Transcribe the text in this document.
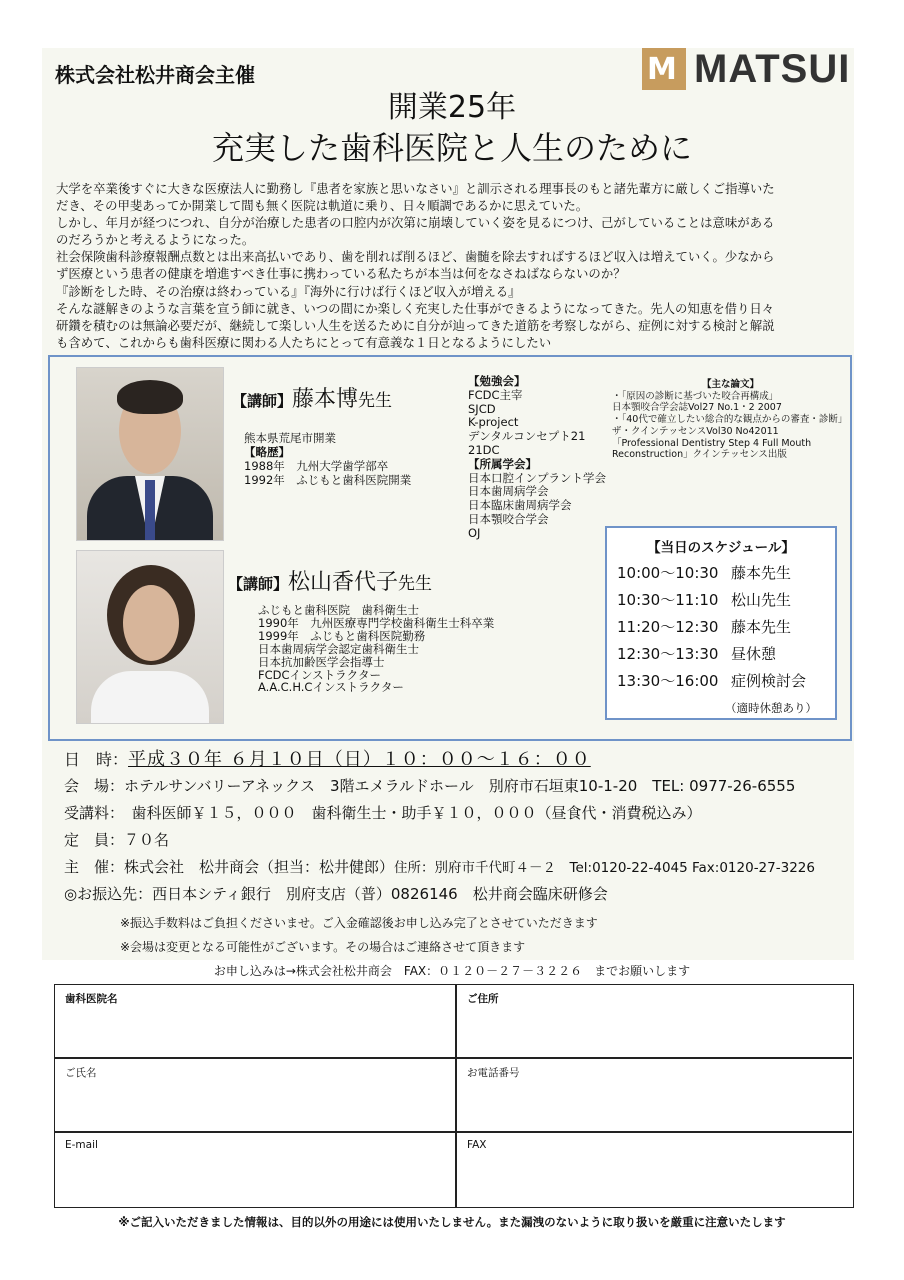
株式会社松井商会主催	M MATSUI
開業25年
充実した歯科医院と人生のために

大学を卒業後すぐに大きな医療法人に勤務し『患者を家族と思いなさい』と訓示される理事長のもと諸先輩方に厳しくご指導いた

だき、その甲斐あってか開業して間も無く医院は軌道に乗り、日々順調であるかに思えていた。

しかし、年月が経つにつれ、自分が治療した患者の口腔内が次第に崩壊していく姿を見るにつけ、己がしていることは意味がある

のだろうかと考えるようになった。

社会保険歯科診療報酬点数とは出来高払いであり、歯を削れば削るほど、歯髄を除去すればするほど収入は増えていく。少なから

ず医療という患者の健康を増進すべき仕事に携わっている私たちが本当は何をなさねばならないのか？

『診断をした時、その治療は終わっている』『海外に行けば行くほど収入が増える』

そんな謎解きのような言葉を宣う師に就き、いつの間にか楽しく充実した仕事ができるようになってきた。先人の知恵を借り日々

研鑽を積むのは無論必要だが、継続して楽しい人生を送るために自分が辿ってきた道筋を考察しながら、症例に対する検討と解説

も含めて、これからも歯科医療に関わる人たちにとって有意義な１日となるようにしたい

【講師】藤本博先生
熊本県荒尾市開業
【略歴】
1988年　九州大学歯学部卒
1992年　ふじもと歯科医院開業
【勉強会】
FCDC主宰
SJCD
K-project
デンタルコンセプト21
21DC
【所属学会】
日本口腔インプラント学会
日本歯周病学会
日本臨床歯周病学会
日本顎咬合学会
OJ
【主な論文】
・「原因の診断に基づいた咬合再構成」
日本顎咬合学会誌Vol27 No.1・2 2007
・「40代で確立したい総合的な観点からの審査・診断」
ザ・クインテッセンスVol30 No42011
「Professional Dentistry Step 4 Full Mouth
Reconstruction」クインテッセンス出版
【講師】松山香代子先生
ふじもと歯科医院　歯科衛生士
1990年　九州医療専門学校歯科衛生士科卒業
1999年　ふじもと歯科医院勤務
日本歯周病学会認定歯科衛生士
日本抗加齢医学会指導士
FCDCインストラクター
A.A.C.H.Cインストラクター
【当日のスケジュール】
10:00～10:30 藤本先生
10:30～11:10 松山先生
11:20～12:30 藤本先生
12:30～13:30 昼休憩
13:30～16:00 症例検討会
（適時休憩あり）
日　時：平成３０年 ６月１０日（日）１０：００～１６：００
会　場：ホテルサンバリーアネックス　3階エメラルドホール　別府市石垣東10-1-20　TEL: 0977-26-6555
受講料：　歯科医師￥１５，０００　歯科衛生士・助手￥１０，０００（昼食代・消費税込み）
定　員：７０名
主　催：株式会社　松井商会（担当：松井健郎）住所：別府市千代町４－２　Tel:0120-22-4045 Fax:0120-27-3226
◎お振込先：西日本シティ銀行　別府支店（普）0826146　松井商会臨床研修会
※振込手数料はご負担くださいませ。ご入金確認後お申し込み完了とさせていただきます
※会場は変更となる可能性がございます。その場合はご連絡させて頂きます
お申し込みは→株式会社松井商会　FAX：０１２０－２７－３２２６　までお願いします
歯科医院名	ご住所
ご氏名	お電話番号
E-mail	FAX
※ご記入いただきました情報は、目的以外の用途には使用いたしません。また漏洩のないように取り扱いを厳重に注意いたします
